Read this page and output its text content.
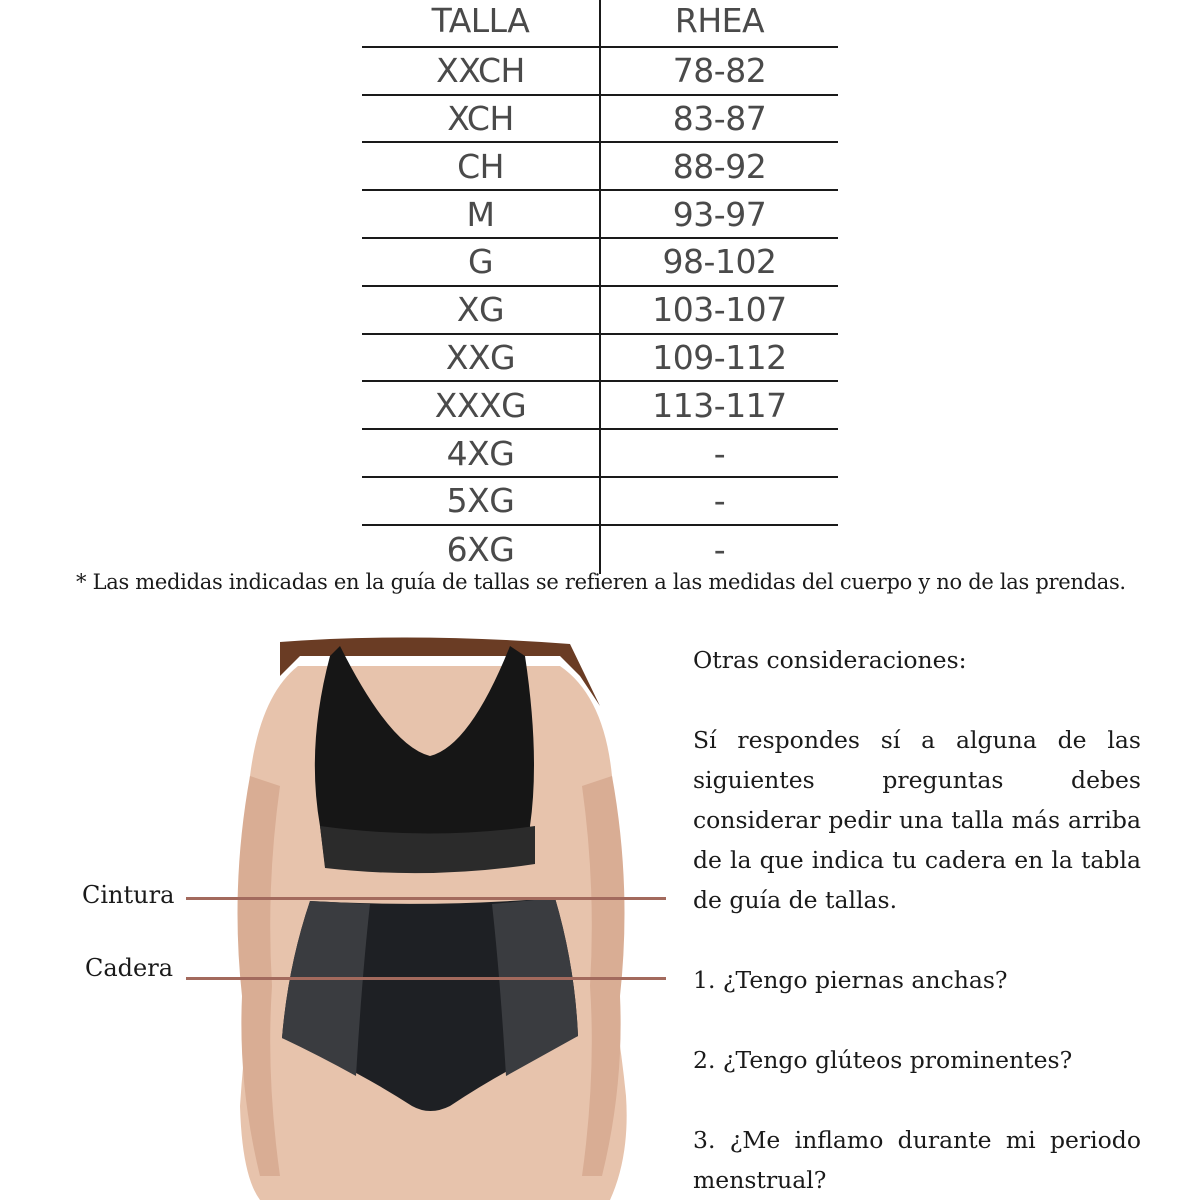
TALLA	RHEA
XXCH	78-82
XCH	83-87
CH	88-92
M	93-97
G	98-102
XG	103-107
XXG	109-112
XXXG	113-117
4XG	-
5XG	-
6XG	-
* Las medidas indicadas en la guía de tallas se refieren a las medidas del cuerpo y no de las prendas.
Cintura
Cadera

Otras consideraciones:

Sí respondes sí a alguna de las siguientes preguntas debes considerar pedir una talla más arriba de la que indica tu cadera en la tabla de guía de tallas.

1. ¿Tengo piernas anchas?

2. ¿Tengo glúteos prominentes?

3. ¿Me inflamo durante mi periodo menstrual?
